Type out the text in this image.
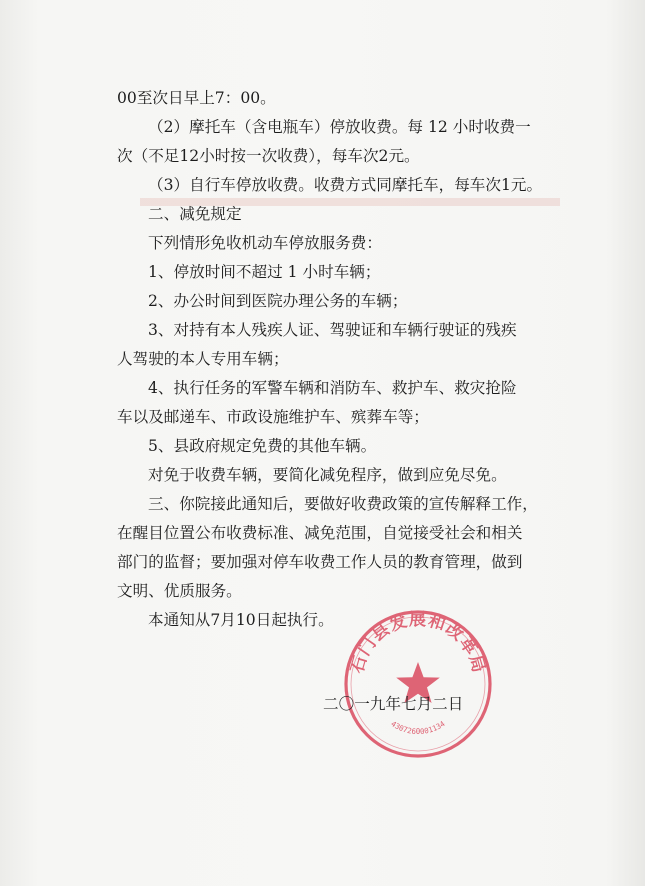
00至次日早上7：00。
（2）摩托车（含电瓶车）停放收费。每 12 小时收费一
次（不足12小时按一次收费），每车次2元。
（3）自行车停放收费。收费方式同摩托车，每车次1元。
二、减免规定
下列情形免收机动车停放服务费：
1、停放时间不超过 1 小时车辆；
2、办公时间到医院办理公务的车辆；
3、对持有本人残疾人证、驾驶证和车辆行驶证的残疾
人驾驶的本人专用车辆；
4、执行任务的军警车辆和消防车、救护车、救灾抢险
车以及邮递车、市政设施维护车、殡葬车等；
5、县政府规定免费的其他车辆。
对免于收费车辆，要简化减免程序，做到应免尽免。
三、你院接此通知后，要做好收费政策的宣传解释工作，
在醒目位置公布收费标准、减免范围，自觉接受社会和相关
部门的监督；要加强对停车收费工作人员的教育管理，做到
文明、优质服务。
本通知从7月10日起执行。
石门县发展和改革局
4307260001134
二〇一九年七月二日
